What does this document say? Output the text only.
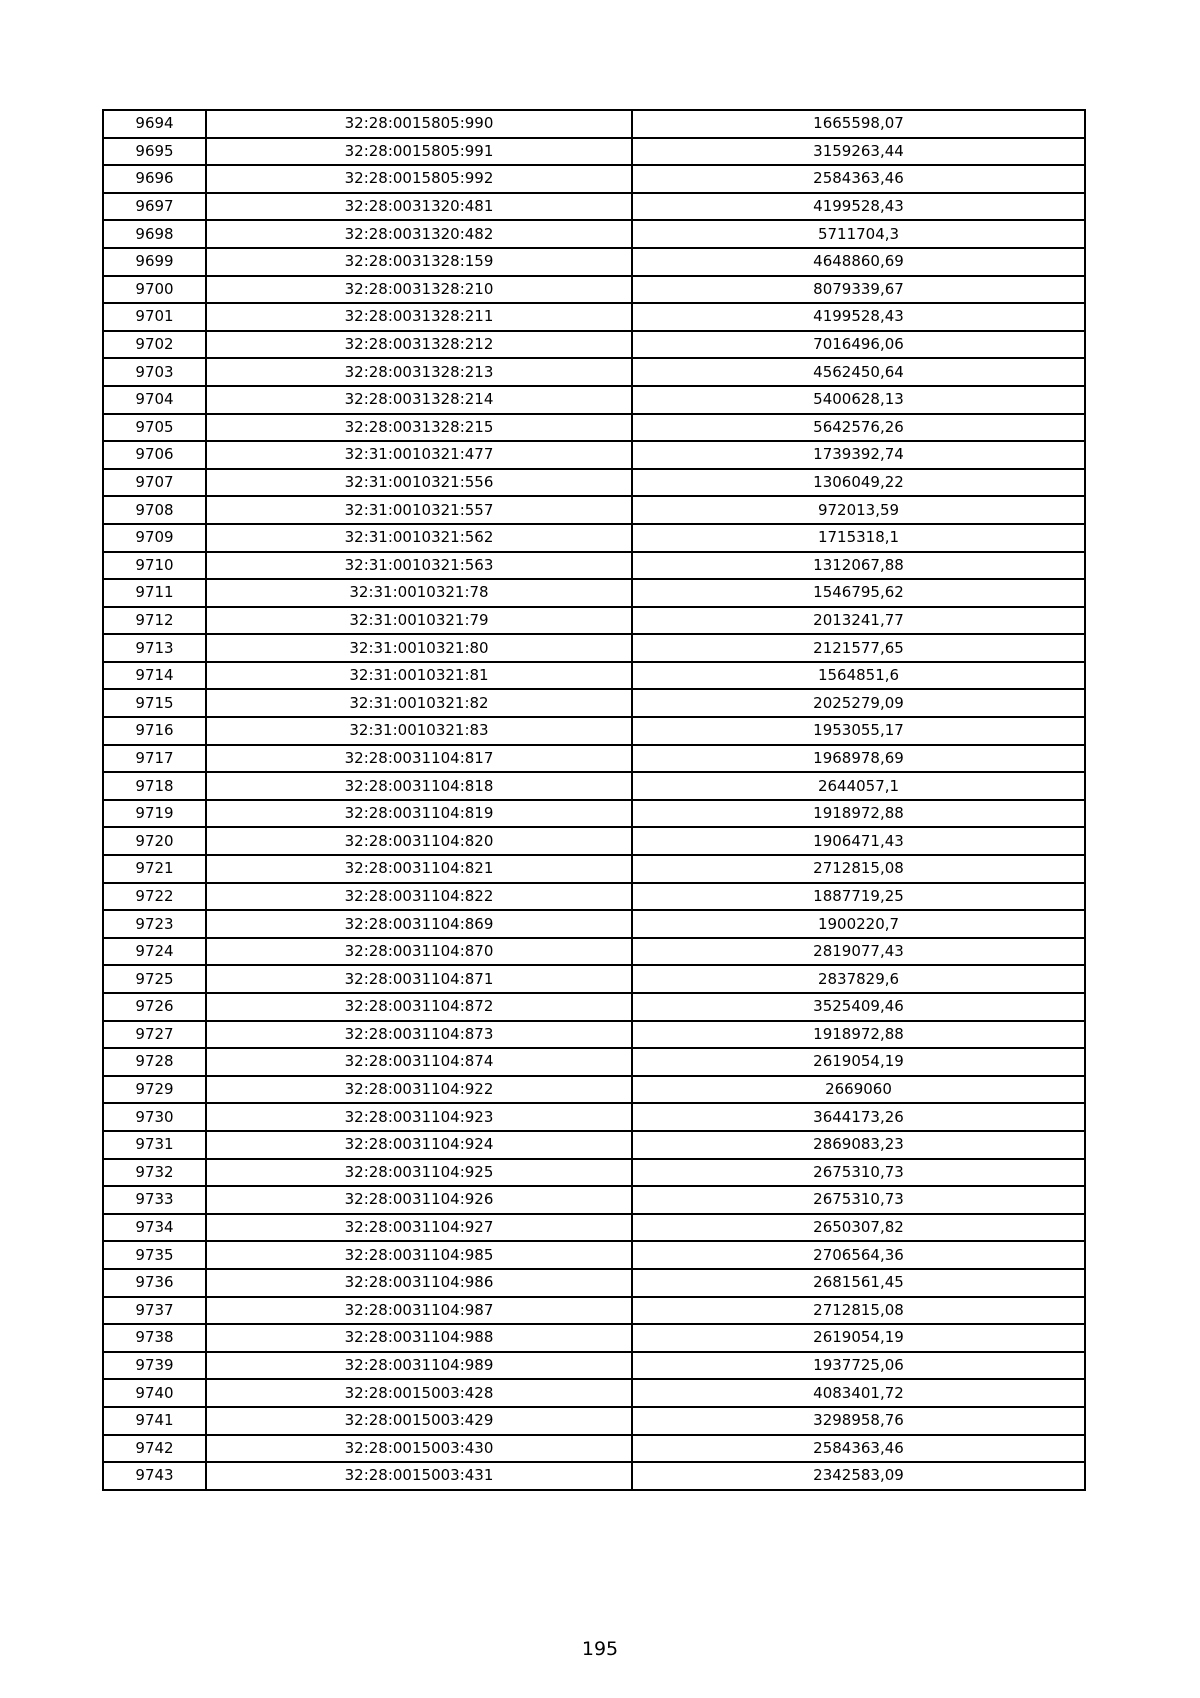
9694	32:28:0015805:990	1665598,07
9695	32:28:0015805:991	3159263,44
9696	32:28:0015805:992	2584363,46
9697	32:28:0031320:481	4199528,43
9698	32:28:0031320:482	5711704,3
9699	32:28:0031328:159	4648860,69
9700	32:28:0031328:210	8079339,67
9701	32:28:0031328:211	4199528,43
9702	32:28:0031328:212	7016496,06
9703	32:28:0031328:213	4562450,64
9704	32:28:0031328:214	5400628,13
9705	32:28:0031328:215	5642576,26
9706	32:31:0010321:477	1739392,74
9707	32:31:0010321:556	1306049,22
9708	32:31:0010321:557	972013,59
9709	32:31:0010321:562	1715318,1
9710	32:31:0010321:563	1312067,88
9711	32:31:0010321:78	1546795,62
9712	32:31:0010321:79	2013241,77
9713	32:31:0010321:80	2121577,65
9714	32:31:0010321:81	1564851,6
9715	32:31:0010321:82	2025279,09
9716	32:31:0010321:83	1953055,17
9717	32:28:0031104:817	1968978,69
9718	32:28:0031104:818	2644057,1
9719	32:28:0031104:819	1918972,88
9720	32:28:0031104:820	1906471,43
9721	32:28:0031104:821	2712815,08
9722	32:28:0031104:822	1887719,25
9723	32:28:0031104:869	1900220,7
9724	32:28:0031104:870	2819077,43
9725	32:28:0031104:871	2837829,6
9726	32:28:0031104:872	3525409,46
9727	32:28:0031104:873	1918972,88
9728	32:28:0031104:874	2619054,19
9729	32:28:0031104:922	2669060
9730	32:28:0031104:923	3644173,26
9731	32:28:0031104:924	2869083,23
9732	32:28:0031104:925	2675310,73
9733	32:28:0031104:926	2675310,73
9734	32:28:0031104:927	2650307,82
9735	32:28:0031104:985	2706564,36
9736	32:28:0031104:986	2681561,45
9737	32:28:0031104:987	2712815,08
9738	32:28:0031104:988	2619054,19
9739	32:28:0031104:989	1937725,06
9740	32:28:0015003:428	4083401,72
9741	32:28:0015003:429	3298958,76
9742	32:28:0015003:430	2584363,46
9743	32:28:0015003:431	2342583,09
195
